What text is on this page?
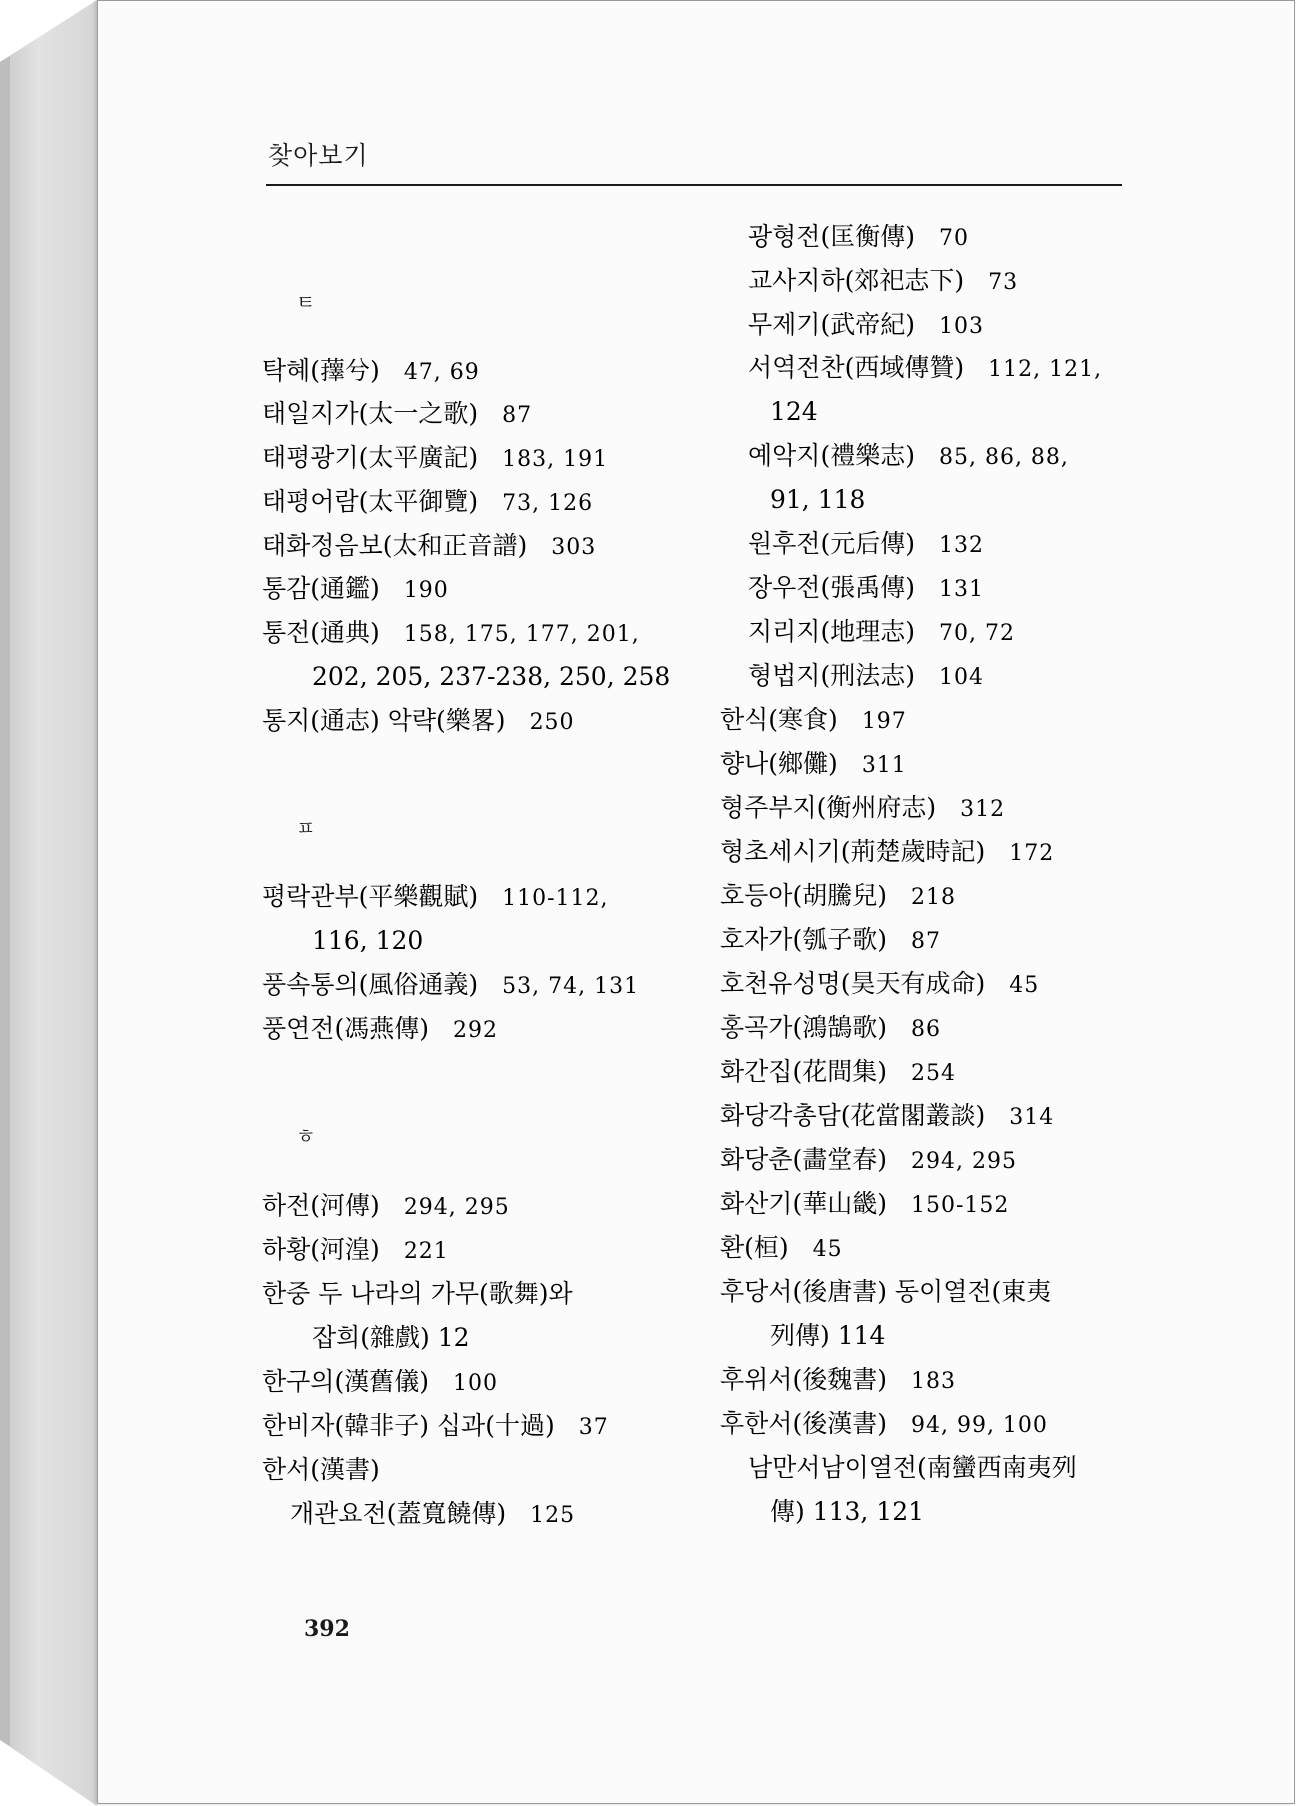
찾아보기
ㅌ
탁혜(蘀兮) 47, 69
태일지가(太一之歌) 87
태평광기(太平廣記) 183, 191
태평어람(太平御覽) 73, 126
태화정음보(太和正音譜) 303
통감(通鑑) 190
통전(通典) 158, 175, 177, 201,
202, 205, 237-238, 250, 258
통지(通志) 악략(樂畧) 250
ㅍ
평락관부(平樂觀賦) 110-112,
116, 120
풍속통의(風俗通義) 53, 74, 131
풍연전(馮燕傳) 292
ㅎ
하전(河傳) 294, 295
하황(河湟) 221
한중 두 나라의 가무(歌舞)와
잡희(雜戲) 12
한구의(漢舊儀) 100
한비자(韓非子) 십과(十過) 37
한서(漢書)
개관요전(蓋寬饒傳) 125
광형전(匡衡傳) 70
교사지하(郊祀志下) 73
무제기(武帝紀) 103
서역전찬(西域傳贊) 112, 121,
124
예악지(禮樂志) 85, 86, 88,
91, 118
원후전(元后傳) 132
장우전(張禹傳) 131
지리지(地理志) 70, 72
형법지(刑法志) 104
한식(寒食) 197
향나(鄉儺) 311
형주부지(衡州府志) 312
형초세시기(荊楚歲時記) 172
호등아(胡騰兒) 218
호자가(瓠子歌) 87
호천유성명(昊天有成命) 45
홍곡가(鴻鵠歌) 86
화간집(花間集) 254
화당각총담(花當閣叢談) 314
화당춘(畵堂春) 294, 295
화산기(華山畿) 150-152
환(桓) 45
후당서(後唐書) 동이열전(東夷
列傳) 114
후위서(後魏書) 183
후한서(後漢書) 94, 99, 100
남만서남이열전(南蠻西南夷列
傳) 113, 121
392
